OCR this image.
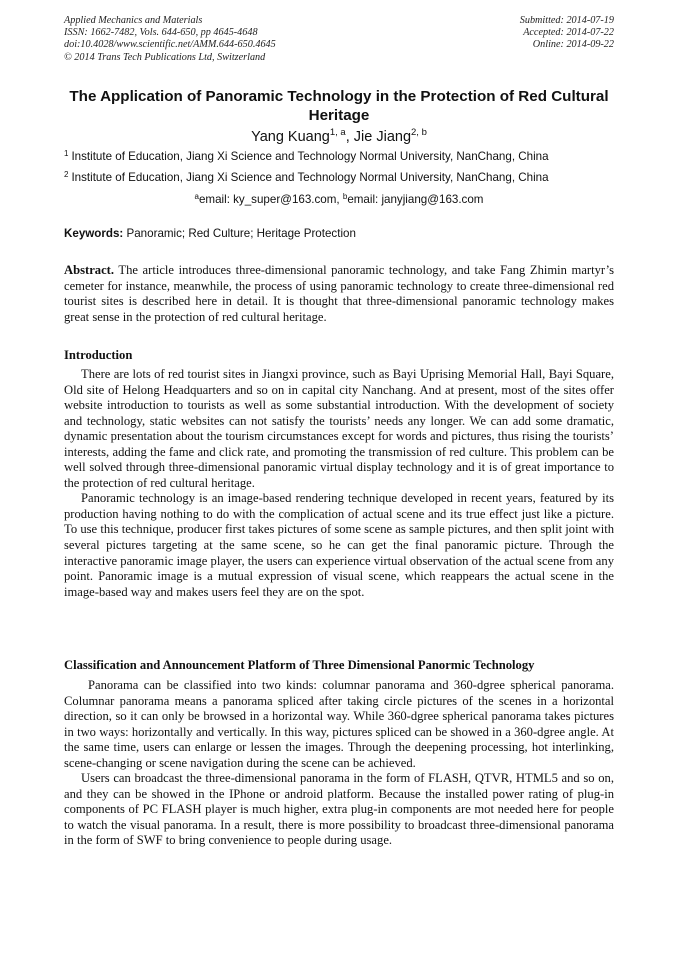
Applied Mechanics and Materials
ISSN: 1662-7482, Vols. 644-650, pp 4645-4648
doi:10.4028/www.scientific.net/AMM.644-650.4645
© 2014 Trans Tech Publications Ltd, Switzerland
Submitted: 2014-07-19
Accepted: 2014-07-22
Online: 2014-09-22
The Application of Panoramic Technology in the Protection of Red Cultural Heritage
Yang Kuang$^{1, a}$, Jie Jiang$^{2, b}$
$^1$ Institute of Education, Jiang Xi Science and Technology Normal University, NanChang, China
$^2$ Institute of Education, Jiang Xi Science and Technology Normal University, NanChang, China
$^a$email: ky_super@163.com, $^b$email: janyjiang@163.com
Keywords: Panoramic; Red Culture; Heritage Protection
Abstract. The article introduces three-dimensional panoramic technology, and take Fang Zhimin martyr’s cemeter for instance, meanwhile, the process of using panoramic technology to create three-dimensional red tourist sites is described here in detail. It is thought that three-dimensional panoramic technology makes great sense in the protection of red cultural heritage.
Introduction

There are lots of red tourist sites in Jiangxi province, such as Bayi Uprising Memorial Hall, Bayi Square, Old site of Helong Headquarters and so on in capital city Nanchang. And at present, most of the sites offer website introduction to tourists as well as some substantial introduction. With the development of society and technology, static websites can not satisfy the tourists’ needs any longer. We can add some dramatic, dynamic presentation about the tourism circumstances except for words and pictures, thus rising the tourists’ interests, adding the fame and click rate, and promoting the transmission of red culture. This problem can be well solved through three-dimensional panoramic virtual display technology and it is of great importance to the protection of red cultural heritage.

Panoramic technology is an image-based rendering technique developed in recent years, featured by its production having nothing to do with the complication of actual scene and its true effect just like a picture. To use this technique, producer first takes pictures of some scene as sample pictures, and then split joint with several pictures targeting at the same scene, so he can get the final panoramic picture. Through the interactive panoramic image player, the users can experience virtual observation of the actual scene from any point. Panoramic image is a mutual expression of visual scene, which reappears the actual scene in the image-based way and makes users feel they are on the spot.

Classification and Announcement Platform of Three Dimensional Panormic Technology

Panorama can be classified into two kinds: columnar panorama and 360-dgree spherical panorama. Columnar panorama means a panorama spliced after taking circle pictures of the scenes in a horizontal direction, so it can only be browsed in a horizontal way. While 360-dgree spherical panorama takes pictures in two ways: horizontally and vertically. In this way, pictures spliced can be showed in a 360-dgree angle. At the same time, users can enlarge or lessen the images. Through the deepening processing, hot interlinking, scene-changing or scene navigation during the scene can be achieved.

Users can broadcast the three-dimensional panorama in the form of FLASH, QTVR, HTML5 and so on, and they can be showed in the IPhone or android platform. Because the installed power rating of plug-in components of PC FLASH player is much higher, extra plug-in components are mot needed here for people to watch the visual panorama. In a result, there is more possibility to broadcast three-dimensional panorama in the form of SWF to bring convenience to people during usage.
